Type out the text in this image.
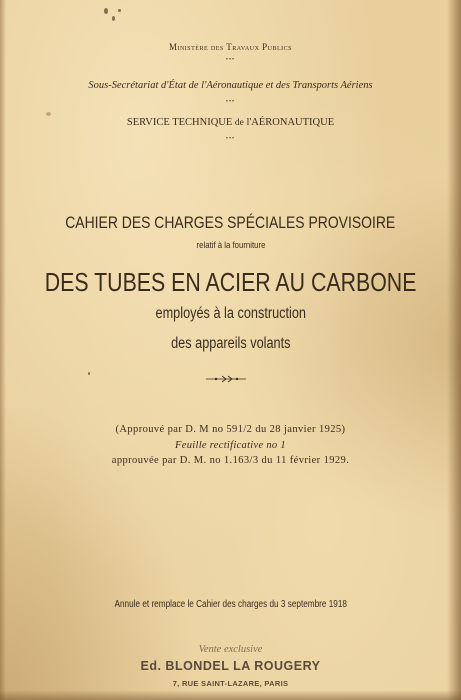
Ministère des Travaux Publics
•••
Sous-Secrétariat d'État de l'Aéronautique et des Transports Aériens
•••
SERVICE TECHNIQUE de l'AÉRONAUTIQUE
•••
CAHIER DES CHARGES SPÉCIALES PROVISOIRE
relatif à la fourniture
DES TUBES EN ACIER AU CARBONE
employés à la construction
des appareils volants
(Approuvé par D. M no 591/2 du 28 janvier 1925)
Feuille rectificative no 1
approuvée par D. M. no 1.163/3 du 11 février 1929.
Annule et remplace le Cahier des charges du 3 septembre 1918
Vente exclusive
Ed. BLONDEL LA ROUGERY
7, RUE SAINT-LAZARE, PARIS
